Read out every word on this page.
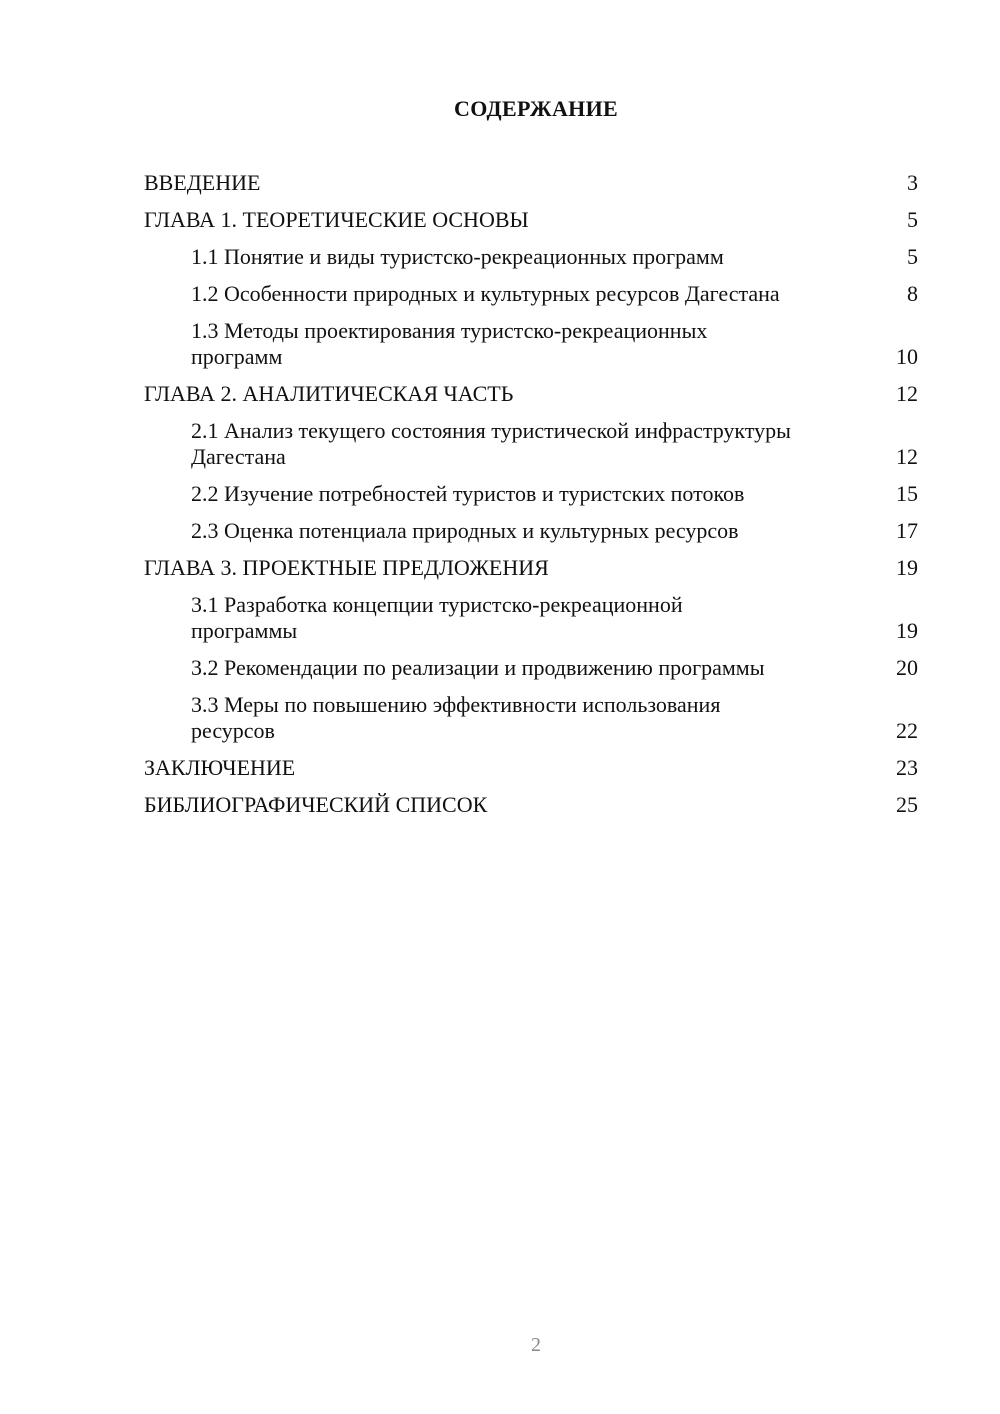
СОДЕРЖАНИЕ
ВВЕДЕНИЕ	3
ГЛАВА 1. ТЕОРЕТИЧЕСКИЕ ОСНОВЫ	5
1.1 Понятие и виды туристско-рекреационных программ	5
1.2 Особенности природных и культурных ресурсов Дагестана	8
1.3 Методы проектирования туристско-рекреационных программ	10
ГЛАВА 2. АНАЛИТИЧЕСКАЯ ЧАСТЬ	12
2.1 Анализ текущего состояния туристической инфраструктуры Дагестана	12
2.2 Изучение потребностей туристов и туристских потоков	15
2.3 Оценка потенциала природных и культурных ресурсов	17
ГЛАВА 3. ПРОЕКТНЫЕ ПРЕДЛОЖЕНИЯ	19
3.1 Разработка концепции туристско-рекреационной программы	19
3.2 Рекомендации по реализации и продвижению программы	20
3.3 Меры по повышению эффективности использования ресурсов	22
ЗАКЛЮЧЕНИЕ	23
БИБЛИОГРАФИЧЕСКИЙ СПИСОК	25
2
